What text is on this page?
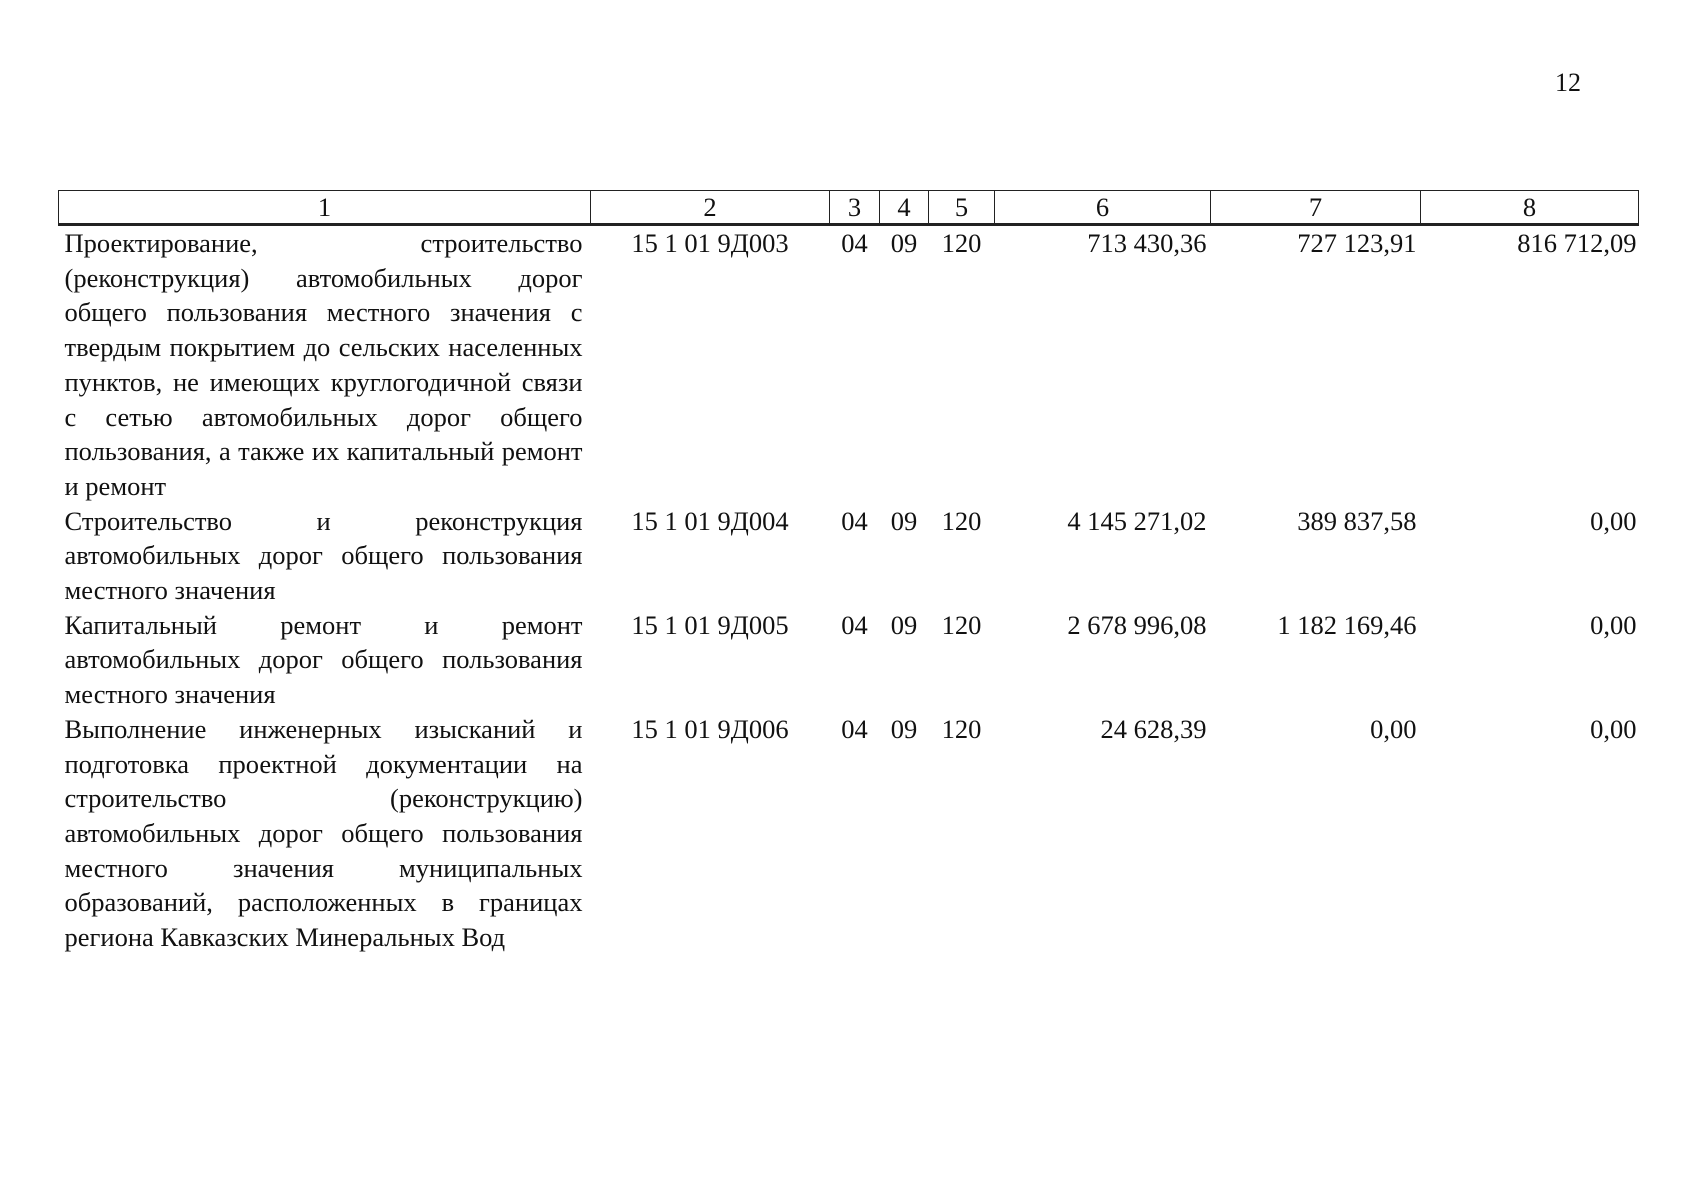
12
1	2	3	4	5	6	7	8
Проектирование, строительство (реконструкция) автомобильных дорог общего пользования местного значения с твердым покрытием до сельских населенных пунктов, не имеющих круглогодичной связи с сетью автомобильных дорог общего пользования, а также их капитальный ремонт и ремонт	15 1 01 9Д003	04	09	120	713 430,36	727 123,91	816 712,09
Строительство и реконструкция автомобильных дорог общего пользования местного значения	15 1 01 9Д004	04	09	120	4 145 271,02	389 837,58	0,00
Капитальный ремонт и ремонт автомобильных дорог общего пользования местного значения	15 1 01 9Д005	04	09	120	2 678 996,08	1 182 169,46	0,00
Выполнение инженерных изысканий и подготовка проектной документации на строительство (реконструкцию) автомобильных дорог общего пользования местного значения муниципальных образований, расположенных в границах региона Кавказских Минеральных Вод	15 1 01 9Д006	04	09	120	24 628,39	0,00	0,00
